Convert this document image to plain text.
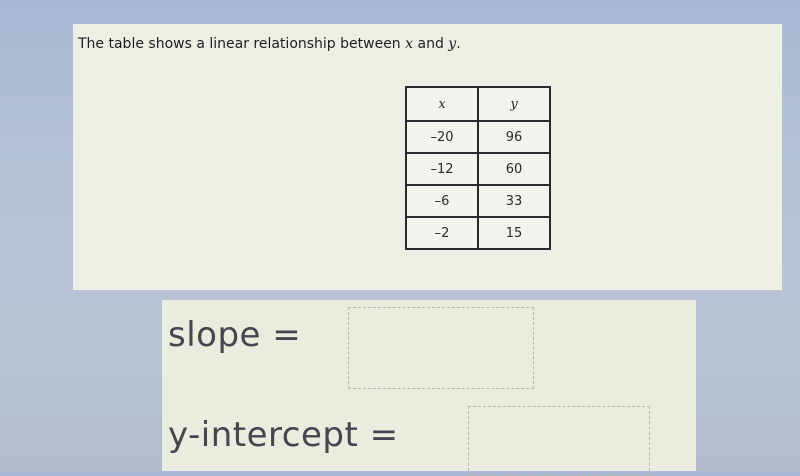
The table shows a linear relationship between x and y.
x	y
–20	96
–12	60
–6	33
–2	15
slope =
y-intercept =
